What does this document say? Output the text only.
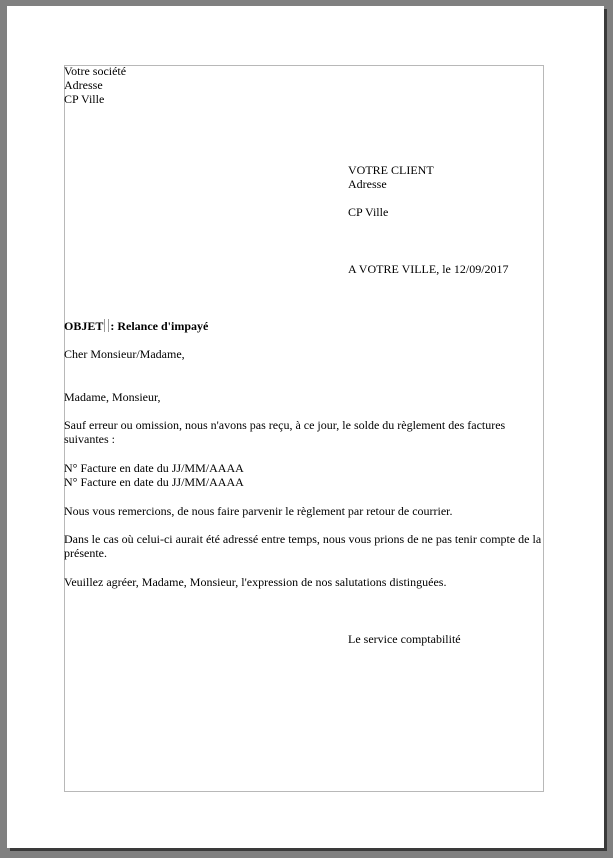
Votre société
Adresse
CP Ville
VOTRE CLIENT
Adresse
CP Ville
A VOTRE VILLE, le 12/09/2017
OBJET : Relance d'impayé
Cher Monsieur/Madame,
Madame, Monsieur,
Sauf erreur ou omission, nous n'avons pas reçu, à ce jour, le solde du règlement des factures suivantes :
N° Facture en date du JJ/MM/AAAA
N° Facture en date du JJ/MM/AAAA
Nous vous remercions, de nous faire parvenir le règlement par retour de courrier.
Dans le cas où celui-ci aurait été adressé entre temps, nous vous prions de ne pas tenir compte de la présente.
Veuillez agréer, Madame, Monsieur, l'expression de nos salutations distinguées.
Le service comptabilité
